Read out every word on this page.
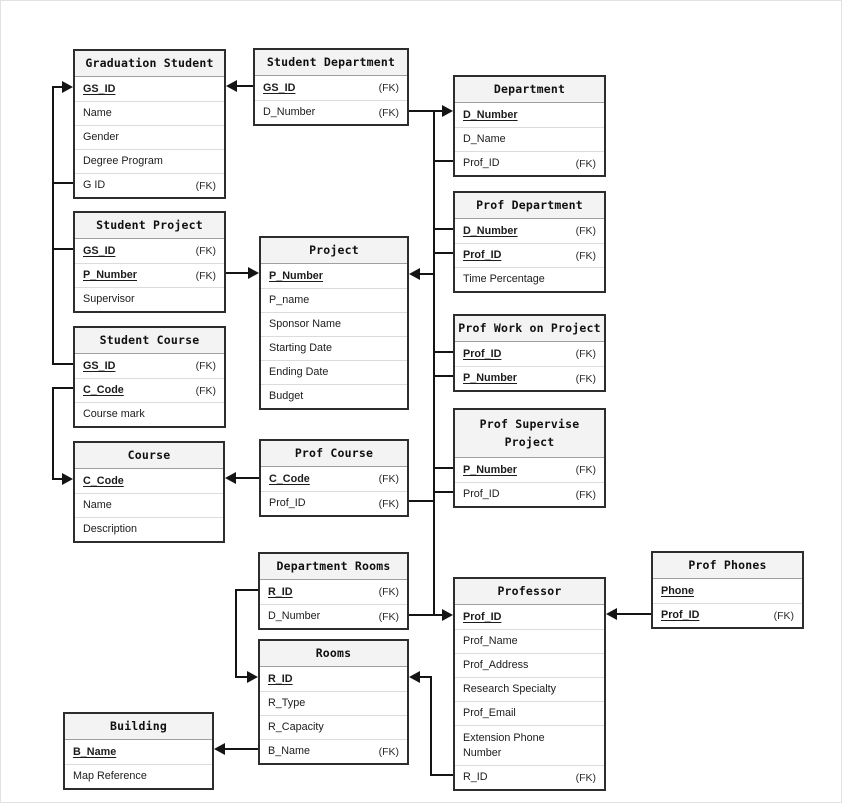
Graduation Student
GS_ID
Name
Gender
Degree Program
G ID	(FK)
Student Department
GS_ID	(FK)
D_Number	(FK)
Department
D_Number
D_Name
Prof_ID	(FK)
Student Project
GS_ID	(FK)
P_Number	(FK)
Supervisor
Project
P_Number
P_name
Sponsor Name
Starting Date
Ending Date
Budget
Prof Department
D_Number	(FK)
Prof_ID	(FK)
Time Percentage
Student Course
GS_ID	(FK)
C_Code	(FK)
Course mark
Prof Work on Project
Prof_ID	(FK)
P_Number	(FK)
Prof Supervise Project
P_Number	(FK)
Prof_ID	(FK)
Course
C_Code
Name
Description
Prof Course
C_Code	(FK)
Prof_ID	(FK)
Department Rooms
R_ID	(FK)
D_Number	(FK)
Rooms
R_ID
R_Type
R_Capacity
B_Name	(FK)
Professor
Prof_ID
Prof_Name
Prof_Address
Research Specialty
Prof_Email
Extension Phone Number
R_ID	(FK)
Prof Phones
Phone
Prof_ID	(FK)
Building
B_Name
Map Reference
